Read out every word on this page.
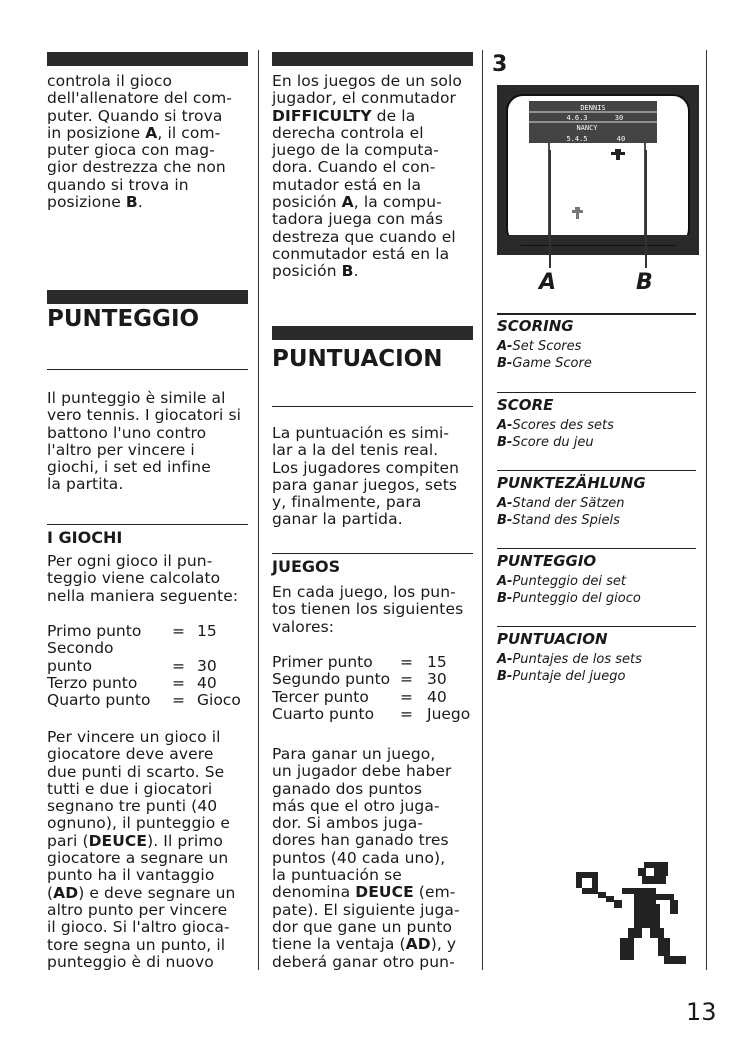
controla il gioco
dell'allenatore del com-
puter. Quando si trova
in posizione A, il com-
puter gioca con mag-
gior destrezza che non
quando si trova in
posizione B.
PUNTEGGIO
Il punteggio è simile al
vero tennis. I giocatori si
battono l'uno contro
l'altro per vincere i
giochi, i set ed infine
la partita.
I GIOCHI
Per ogni gioco il pun-
teggio viene calcolato
nella maniera seguente:
Primo punto = 15
Secondo
punto	= 30
Terzo punto = 40
Quarto punto = Gioco
Per vincere un gioco il
giocatore deve avere
due punti di scarto. Se
tutti e due i giocatori
segnano tre punti (40
ognuno), il punteggio e
pari (DEUCE). Il primo
giocatore a segnare un
punto ha il vantaggio
(AD) e deve segnare un
altro punto per vincere
il gioco. Si l'altro gioca-
tore segna un punto, il
punteggio è di nuovo
En los juegos de un solo
jugador, el conmutador
DIFFICULTY de la
derecha controla el
juego de la computa-
dora. Cuando el con-
mutador está en la
posición A, la compu-
tadora juega con más
destreza que cuando el
conmutador está en la
posición B.
PUNTUACION
La puntuación es simi-
lar a la del tenis real.
Los jugadores compiten
para ganar juegos, sets
y, finalmente, para
ganar la partida.
JUEGOS
En cada juego, los pun-
tos tienen los siguientes
valores:
Primer punto = 15
Segundo punto = 30
Tercer punto = 40
Cuarto punto = Juego
Para ganar un juego,
un jugador debe haber
ganado dos puntos
más que el otro juga-
dor. Si ambos juga-
dores han ganado tres
puntos (40 cada uno),
la puntuación se
denomina DEUCE (em-
pate). El siguiente juga-
dor que gane un punto
tiene la ventaja (AD), y
deberá ganar otro pun-
3
DENNIS
4.6.3	30
NANCY
5.4.5	40
A	B
SCORING
A-Set Scores
B-Game Score
SCORE
A-Scores des sets
B-Score du jeu
PUNKTEZÄHLUNG
A-Stand der Sätzen
B-Stand des Spiels
PUNTEGGIO
A-Punteggio dei set
B-Punteggio del gioco
PUNTUACION
A-Puntajes de los sets
B-Puntaje del juego
13
